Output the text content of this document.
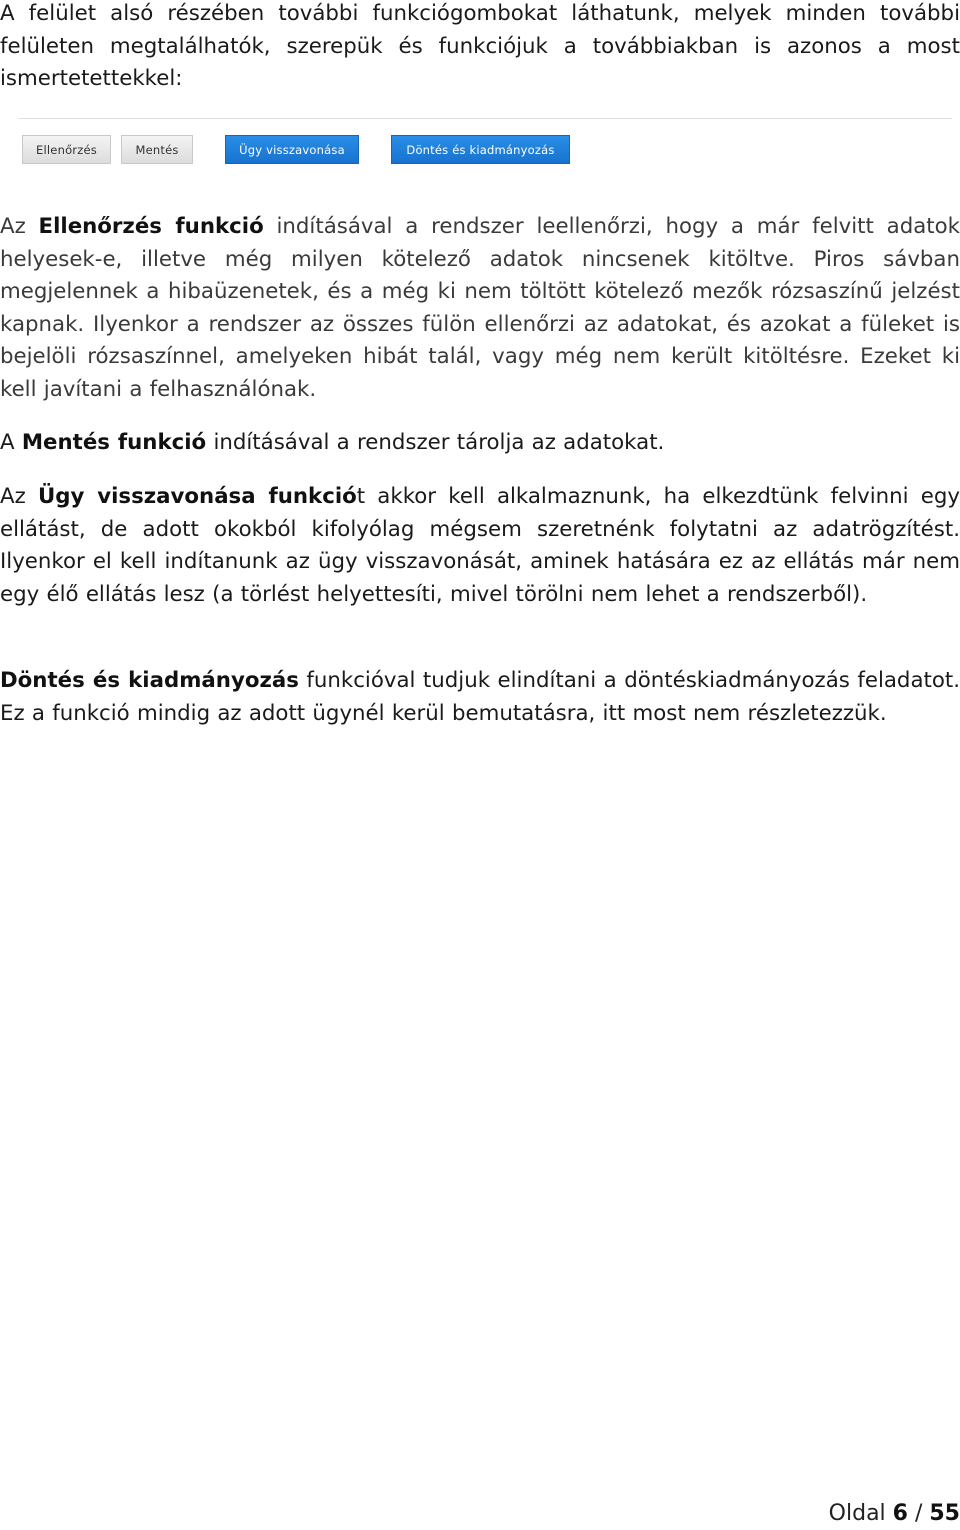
A felület alsó részében további funkciógombokat láthatunk, melyek minden további felületen megtalálhatók, szerepük és funkciójuk a továbbiakban is azonos a most ismertetettekkel:

Ellenőrzés	Mentés	Ügy visszavonása	Döntés és kiadmányozás

Az Ellenőrzés funkció indításával a rendszer leellenőrzi, hogy a már felvitt adatok helyesek-e, illetve még milyen kötelező adatok nincsenek kitöltve. Piros sávban megjelennek a hibaüzenetek, és a még ki nem töltött kötelező mezők rózsaszínű jelzést kapnak. Ilyenkor a rendszer az összes fülön ellenőrzi az adatokat, és azokat a füleket is bejelöli rózsaszínnel, amelyeken hibát talál, vagy még nem került kitöltésre. Ezeket ki kell javítani a felhasználónak.

A Mentés funkció indításával a rendszer tárolja az adatokat.

Az Ügy visszavonása funkciót akkor kell alkalmaznunk, ha elkezdtünk felvinni egy ellátást, de adott okokból kifolyólag mégsem szeretnénk folytatni az adatrögzítést. Ilyenkor el kell indítanunk az ügy visszavonását, aminek hatására ez az ellátás már nem egy élő ellátás lesz (a törlést helyettesíti, mivel törölni nem lehet a rendszerből).

Döntés és kiadmányozás funkcióval tudjuk elindítani a döntéskiadmányozás feladatot. Ez a funkció mindig az adott ügynél kerül bemutatásra, itt most nem részletezzük.

Oldal 6 / 55
